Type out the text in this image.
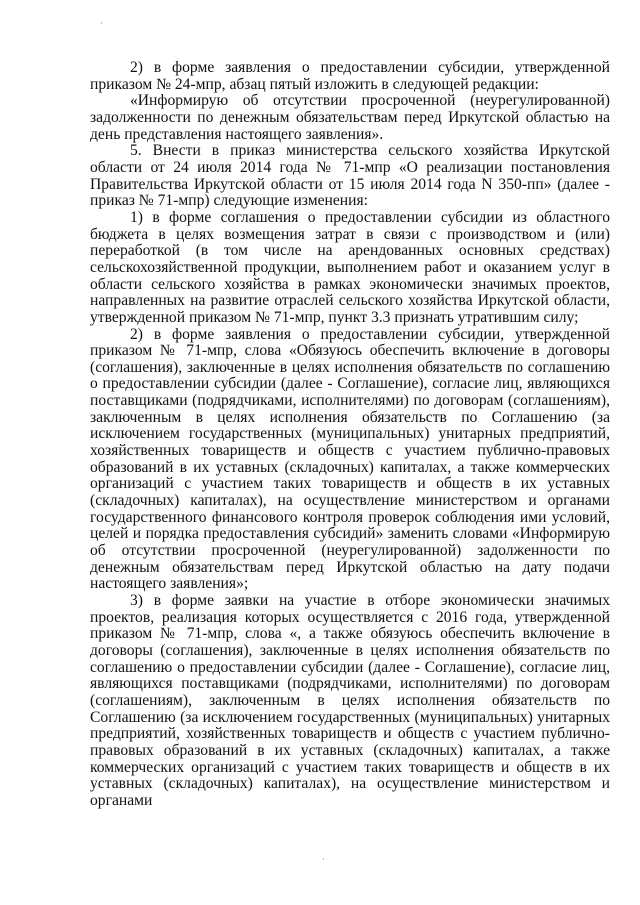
·

2) в форме заявления о предоставлении субсидии, утвержденной приказом № 24-мпр, абзац пятый изложить в следующей редакции:

«Информирую об отсутствии просроченной (неурегулированной) задолженности по денежным обязательствам перед Иркутской областью на день представления настоящего заявления».

5. Внести в приказ министерства сельского хозяйства Иркутской области от 24 июля 2014 года № 71-мпр «О реализации постановления Правительства Иркутской области от 15 июля 2014 года N 350-пп» (далее - приказ № 71-мпр) следующие изменения:

1) в форме соглашения о предоставлении субсидии из областного бюджета в целях возмещения затрат в связи с производством и (или) переработкой (в том числе на арендованных основных средствах) сельскохозяйственной продукции, выполнением работ и оказанием услуг в области сельского хозяйства в рамках экономически значимых проектов, направленных на развитие отраслей сельского хозяйства Иркутской области, утвержденной приказом № 71-мпр, пункт 3.3 признать утратившим силу;

2) в форме заявления о предоставлении субсидии, утвержденной приказом № 71-мпр, слова «Обязуюсь обеспечить включение в договоры (соглашения), заключенные в целях исполнения обязательств по соглашению о предоставлении субсидии (далее - Соглашение), согласие лиц, являющихся поставщиками (подрядчиками, исполнителями) по договорам (соглашениям), заключенным в целях исполнения обязательств по Соглашению (за исключением государственных (муниципальных) унитарных предприятий, хозяйственных товариществ и обществ с участием публично-правовых образований в их уставных (складочных) капиталах, а также коммерческих организаций с участием таких товариществ и обществ в их уставных (складочных) капиталах), на осуществление министерством и органами государственного финансового контроля проверок соблюдения ими условий, целей и порядка предоставления субсидий» заменить словами «Информирую об отсутствии просроченной (неурегулированной) задолженности по денежным обязательствам перед Иркутской областью на дату подачи настоящего заявления»;

3) в форме заявки на участие в отборе экономически значимых проектов, реализация которых осуществляется с 2016 года, утвержденной приказом № 71-мпр, слова «, а также обязуюсь обеспечить включение в договоры (соглашения), заключенные в целях исполнения обязательств по соглашению о предоставлении субсидии (далее - Соглашение), согласие лиц, являющихся поставщиками (подрядчиками, исполнителями) по договорам (соглашениям), заключенным в целях исполнения обязательств по Соглашению (за исключением государственных (муниципальных) унитарных предприятий, хозяйственных товариществ и обществ с участием публично-правовых образований в их уставных (складочных) капиталах, а также коммерческих организаций с участием таких товариществ и обществ в их уставных (складочных) капиталах), на осуществление министерством и органами

·
